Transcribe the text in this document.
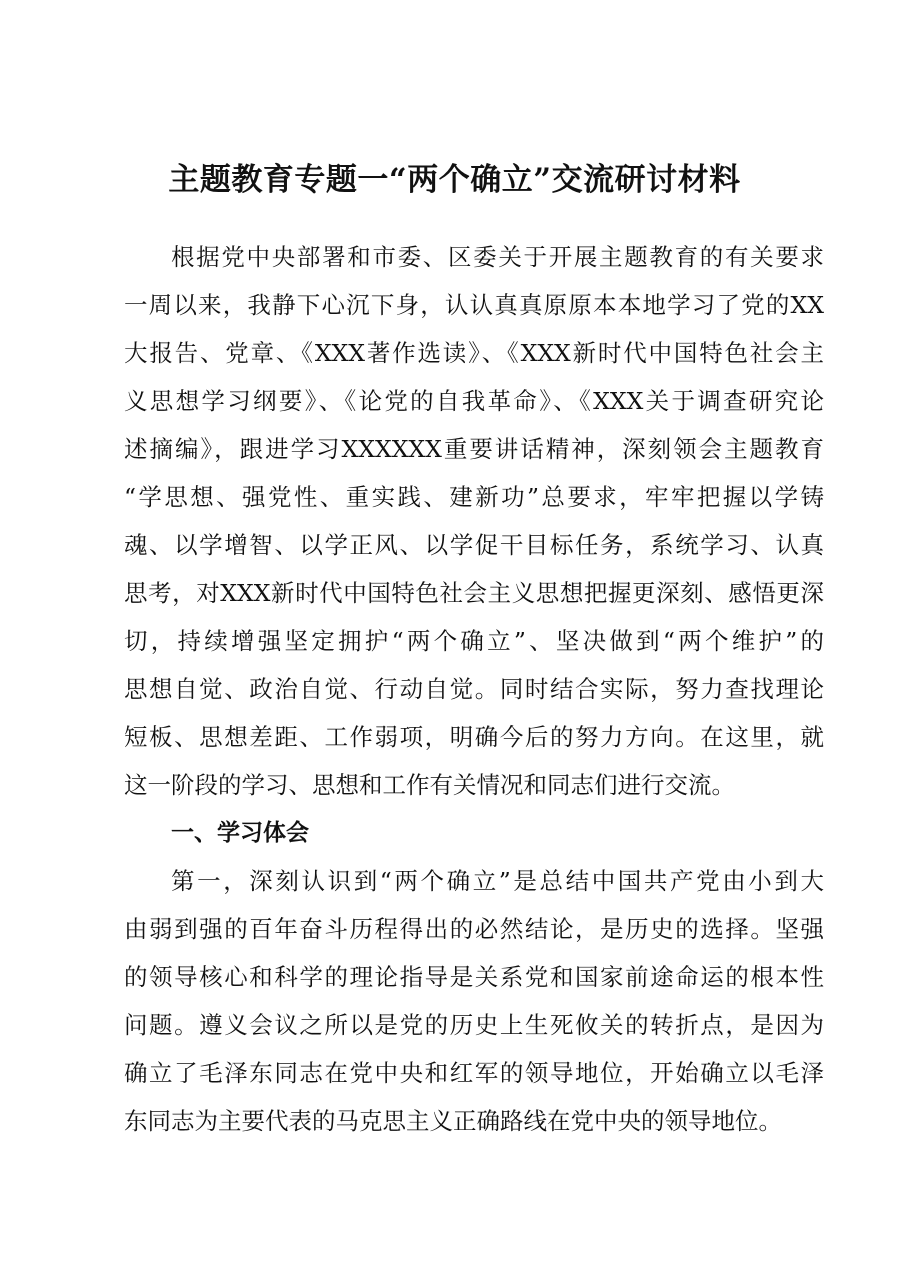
主题教育专题一“两个确立”交流研讨材料

根据党中央部署和市委、区委关于开展主题教育的有关要求

一周以来，我静下心沉下身，认认真真原原本本地学习了党的XX

大报告、党章、《XXX著作选读》、《XXX新时代中国特色社会主

义思想学习纲要》、《论党的自我革命》、《XXX关于调查研究论

述摘编》，跟进学习XXXXXX重要讲话精神，深刻领会主题教育

“学思想、强党性、重实践、建新功”总要求，牢牢把握以学铸

魂、以学增智、以学正风、以学促干目标任务，系统学习、认真

思考，对XXX新时代中国特色社会主义思想把握更深刻、感悟更深

切，持续增强坚定拥护“两个确立”、坚决做到“两个维护”的

思想自觉、政治自觉、行动自觉。同时结合实际，努力查找理论

短板、思想差距、工作弱项，明确今后的努力方向。在这里，就

这一阶段的学习、思想和工作有关情况和同志们进行交流。

一、学习体会

第一，深刻认识到“两个确立”是总结中国共产党由小到大

由弱到强的百年奋斗历程得出的必然结论，是历史的选择。坚强

的领导核心和科学的理论指导是关系党和国家前途命运的根本性

问题。遵义会议之所以是党的历史上生死攸关的转折点，是因为

确立了毛泽东同志在党中央和红军的领导地位，开始确立以毛泽

东同志为主要代表的马克思主义正确路线在党中央的领导地位。
